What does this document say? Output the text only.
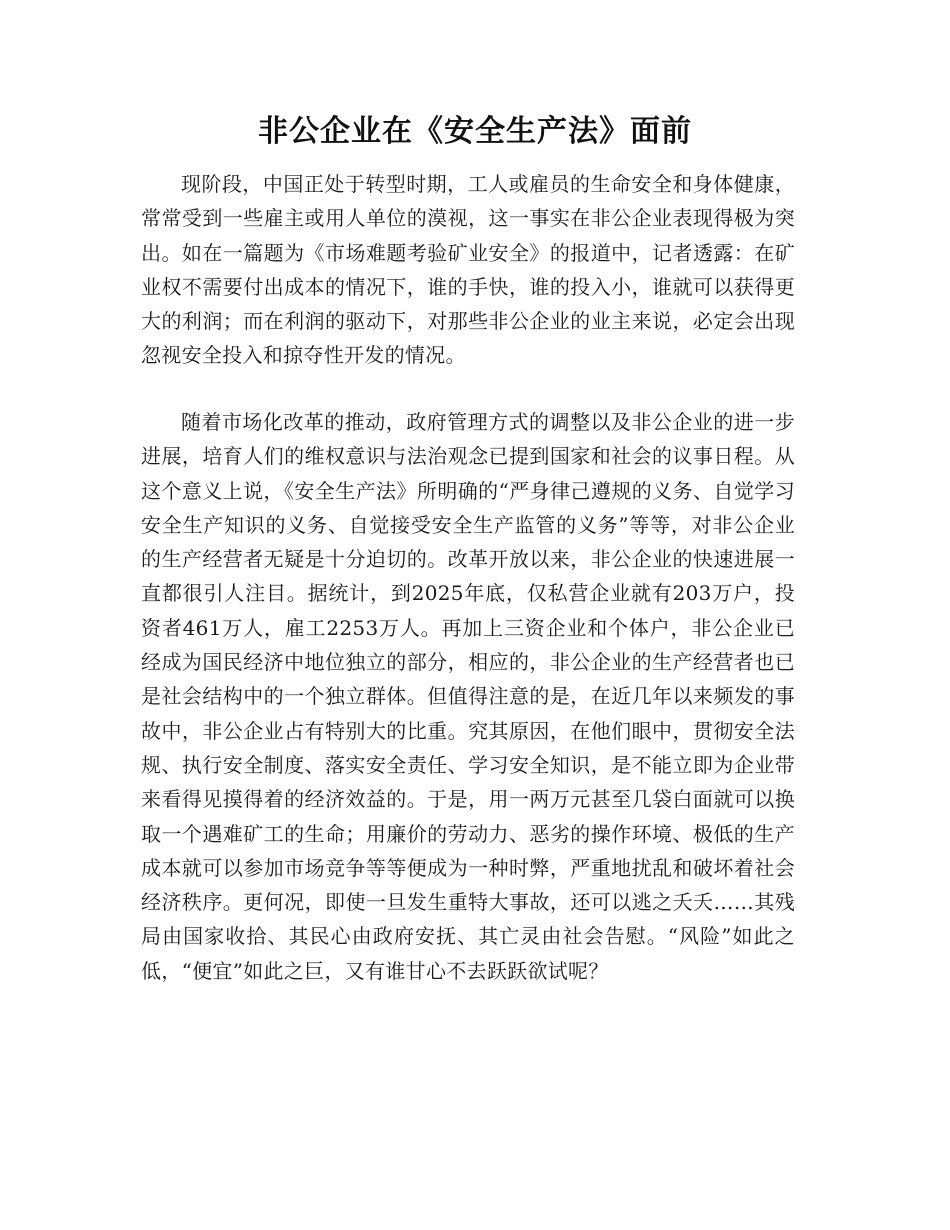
非公企业在《安全生产法》面前

现阶段，中国正处于转型时期，工人或雇员的生命安全和身体健康，常常受到一些雇主或用人单位的漠视，这一事实在非公企业表现得极为突出。如在一篇题为《市场难题考验矿业安全》的报道中，记者透露：在矿业权不需要付出成本的情况下，谁的手快，谁的投入小，谁就可以获得更大的利润；而在利润的驱动下，对那些非公企业的业主来说，必定会出现忽视安全投入和掠夺性开发的情况。

随着市场化改革的推动，政府管理方式的调整以及非公企业的进一步进展，培育人们的维权意识与法治观念已提到国家和社会的议事日程。从这个意义上说，《安全生产法》所明确的“严身律己遵规的义务、自觉学习安全生产知识的义务、自觉接受安全生产监管的义务”等等，对非公企业的生产经营者无疑是十分迫切的。改革开放以来，非公企业的快速进展一直都很引人注目。据统计，到2025年底，仅私营企业就有203万户，投资者461万人，雇工2253万人。再加上三资企业和个体户，非公企业已经成为国民经济中地位独立的部分，相应的，非公企业的生产经营者也已是社会结构中的一个独立群体。但值得注意的是，在近几年以来频发的事故中，非公企业占有特别大的比重。究其原因，在他们眼中，贯彻安全法规、执行安全制度、落实安全责任、学习安全知识，是不能立即为企业带来看得见摸得着的经济效益的。于是，用一两万元甚至几袋白面就可以换取一个遇难矿工的生命；用廉价的劳动力、恶劣的操作环境、极低的生产成本就可以参加市场竞争等等便成为一种时弊，严重地扰乱和破坏着社会经济秩序。更何况，即使一旦发生重特大事故，还可以逃之夭夭……其残局由国家收拾、其民心由政府安抚、其亡灵由社会告慰。“风险”如此之低，“便宜”如此之巨，又有谁甘心不去跃跃欲试呢？
